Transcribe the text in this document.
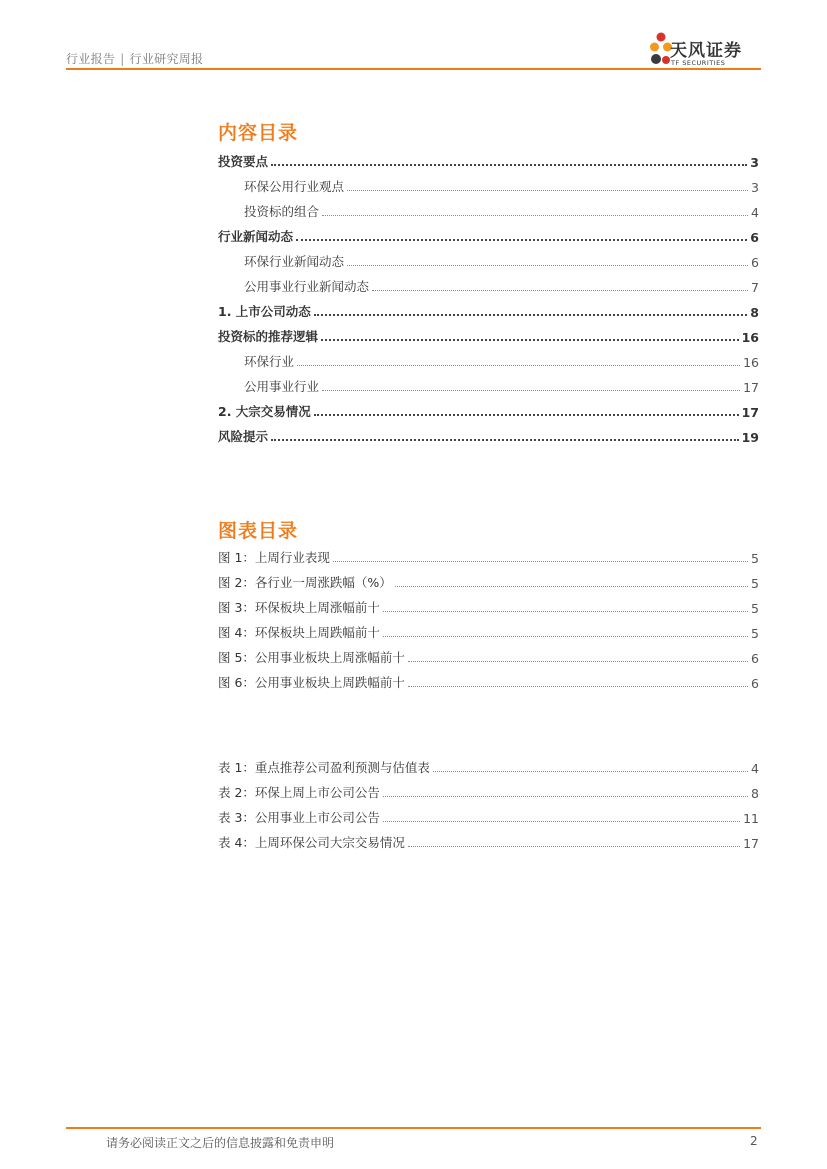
行业报告 | 行业研究周报	天风证券
TF SECURITIES
内容目录
投资要点	3
环保公用行业观点	3
投资标的组合	4
行业新闻动态	6
环保行业新闻动态	6
公用事业行业新闻动态	7
1. 上市公司动态	8
投资标的推荐逻辑	16
环保行业	16
公用事业行业	17
2. 大宗交易情况	17
风险提示	19
图表目录
图 1：上周行业表现	5
图 2：各行业一周涨跌幅（%）	5
图 3：环保板块上周涨幅前十	5
图 4：环保板块上周跌幅前十	5
图 5：公用事业板块上周涨幅前十	6
图 6：公用事业板块上周跌幅前十	6
表 1：重点推荐公司盈利预测与估值表	4
表 2：环保上周上市公司公告	8
表 3：公用事业上市公司公告	11
表 4：上周环保公司大宗交易情况	17
请务必阅读正文之后的信息披露和免责申明	2
